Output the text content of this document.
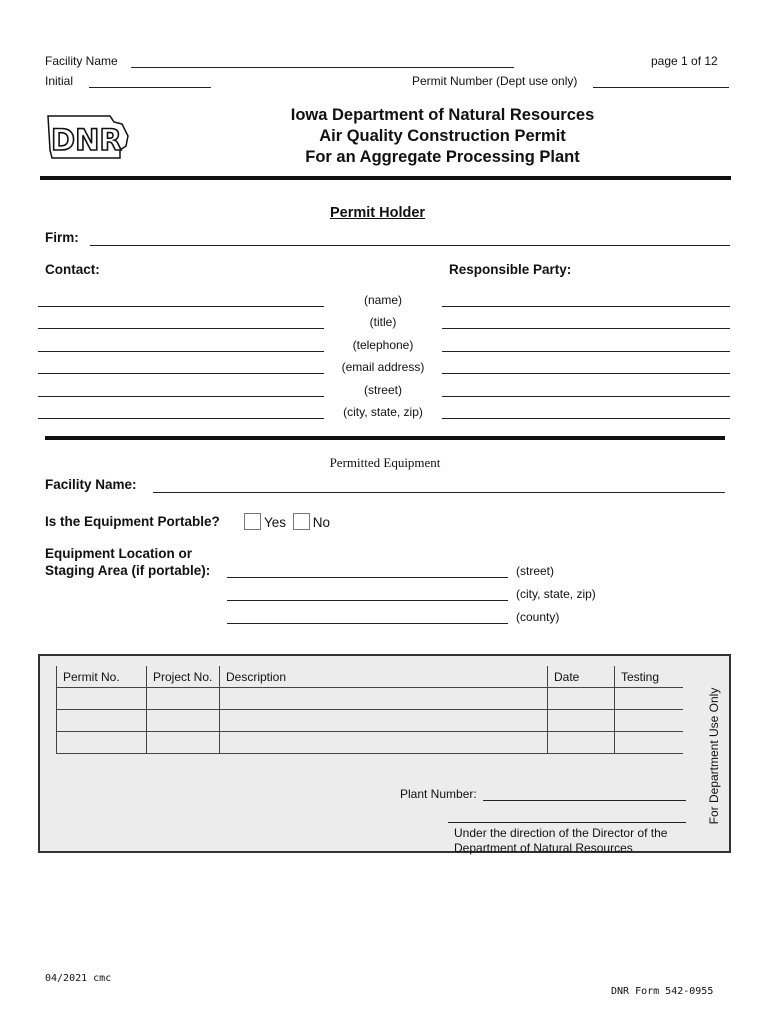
Facility Name	page 1 of 12
Initial	Permit Number (Dept use only)
DNR
Iowa Department of Natural Resources
Air Quality Construction Permit
For an Aggregate Processing Plant
Permit Holder
Firm:
Contact:	Responsible Party:
(name)
(title)
(telephone)
(email address)
(street)
(city, state, zip)
Permitted Equipment
Facility Name:
Is the Equipment Portable?	Yes No
Equipment Location or
Staging Area (if portable):	(street)
(city, state, zip)
(county)
Permit No.	Project No.	Description	Date	Testing

Plant Number:
Under the direction of the Director of the
Department of Natural Resources
For Department Use Only
04/2021 cmc
DNR Form 542-0955
